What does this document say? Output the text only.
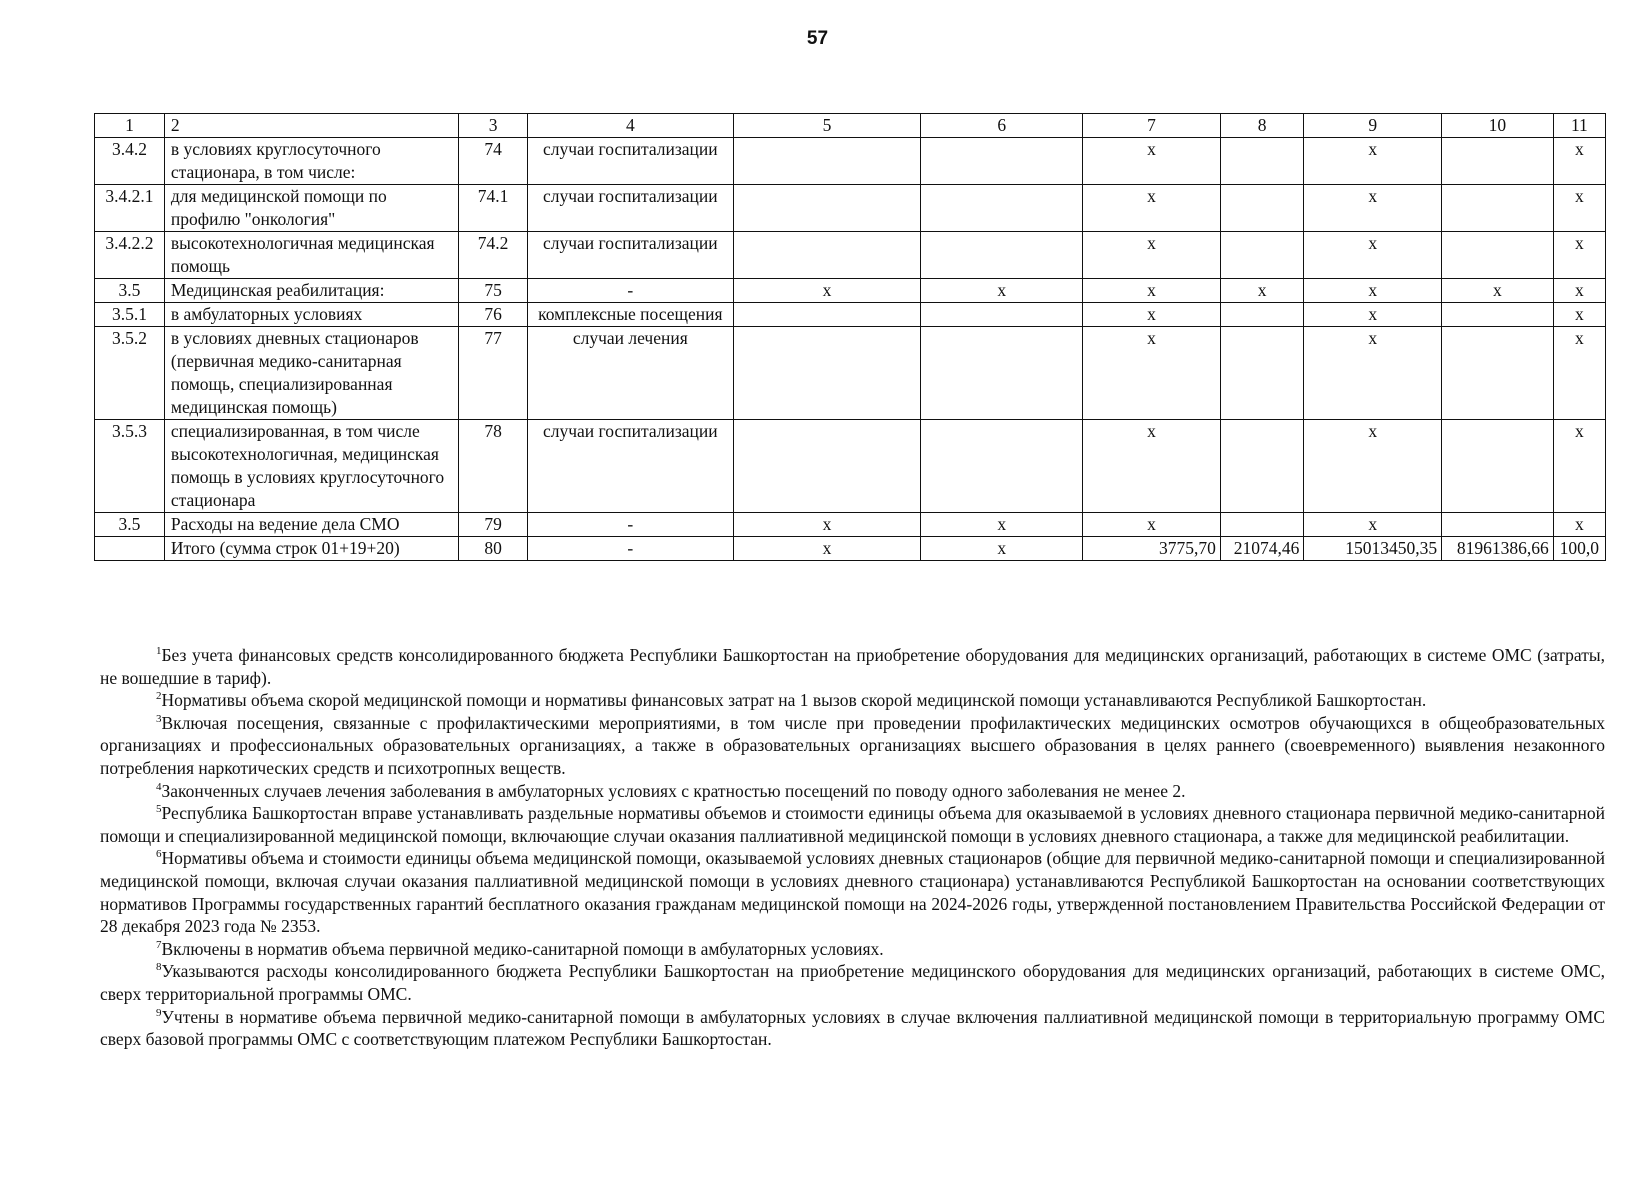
57
1	2	3	4	5	6	7	8	9	10	11
3.4.2	в условиях круглосуточного стационара, в том числе:	74	случаи госпитализации			х		х		х
3.4.2.1	для медицинской помощи по профилю "онкология"	74.1	случаи госпитализации			х		х		х
3.4.2.2	высокотехнологичная медицинская помощь	74.2	случаи госпитализации			х		х		х
3.5	Медицинская реабилитация:	75	-	х	х	х	х	х	х	х
3.5.1	в амбулаторных условиях	76	комплексные посещения			х		х		х
3.5.2	в условиях дневных стационаров (первичная медико-санитарная помощь, специализированная медицинская помощь)	77	случаи лечения			х		х		х
3.5.3	специализированная, в том числе высокотехнологичная, медицинская помощь в условиях круглосуточного стационара	78	случаи госпитализации			х		х		х
3.5	Расходы на ведение дела СМО	79	-	х	х	х		х		х
	Итого (сумма строк 01+19+20)	80	-	х	х	3775,70	21074,46	15013450,35	81961386,66	100,0

$^1$Без учета финансовых средств консолидированного бюджета Республики Башкортостан на приобретение оборудования для медицинских организаций, работающих в системе ОМС (затраты, не вошедшие в тариф).

$^2$Нормативы объема скорой медицинской помощи и нормативы финансовых затрат на 1 вызов скорой медицинской помощи устанавливаются Республикой Башкортостан.

$^3$Включая посещения, связанные с профилактическими мероприятиями, в том числе при проведении профилактических медицинских осмотров обучающихся в общеобразовательных организациях и профессиональных образовательных организациях, а также в образовательных организациях высшего образования в целях раннего (своевременного) выявления незаконного потребления наркотических средств и психотропных веществ.

$^4$Законченных случаев лечения заболевания в амбулаторных условиях с кратностью посещений по поводу одного заболевания не менее 2.

$^5$Республика Башкортостан вправе устанавливать раздельные нормативы объемов и стоимости единицы объема для оказываемой в условиях дневного стационара первичной медико-санитарной помощи и специализированной медицинской помощи, включающие случаи оказания паллиативной медицинской помощи в условиях дневного стационара, а также для медицинской реабилитации.

$^6$Нормативы объема и стоимости единицы объема медицинской помощи, оказываемой условиях дневных стационаров (общие для первичной медико-санитарной помощи и специализированной медицинской помощи, включая случаи оказания паллиативной медицинской помощи в условиях дневного стационара) устанавливаются Республикой Башкортостан на основании соответствующих нормативов Программы государственных гарантий бесплатного оказания гражданам медицинской помощи на 2024-2026 годы, утвержденной постановлением Правительства Российской Федерации от 28 декабря 2023 года № 2353.

$^7$Включены в норматив объема первичной медико-санитарной помощи в амбулаторных условиях.

$^8$Указываются расходы консолидированного бюджета Республики Башкортостан на приобретение медицинского оборудования для медицинских организаций, работающих в системе ОМС, сверх территориальной программы ОМС.

$^9$Учтены в нормативе объема первичной медико-санитарной помощи в амбулаторных условиях в случае включения паллиативной медицинской помощи в территориальную программу ОМС сверх базовой программы ОМС с соответствующим платежом Республики Башкортостан.
